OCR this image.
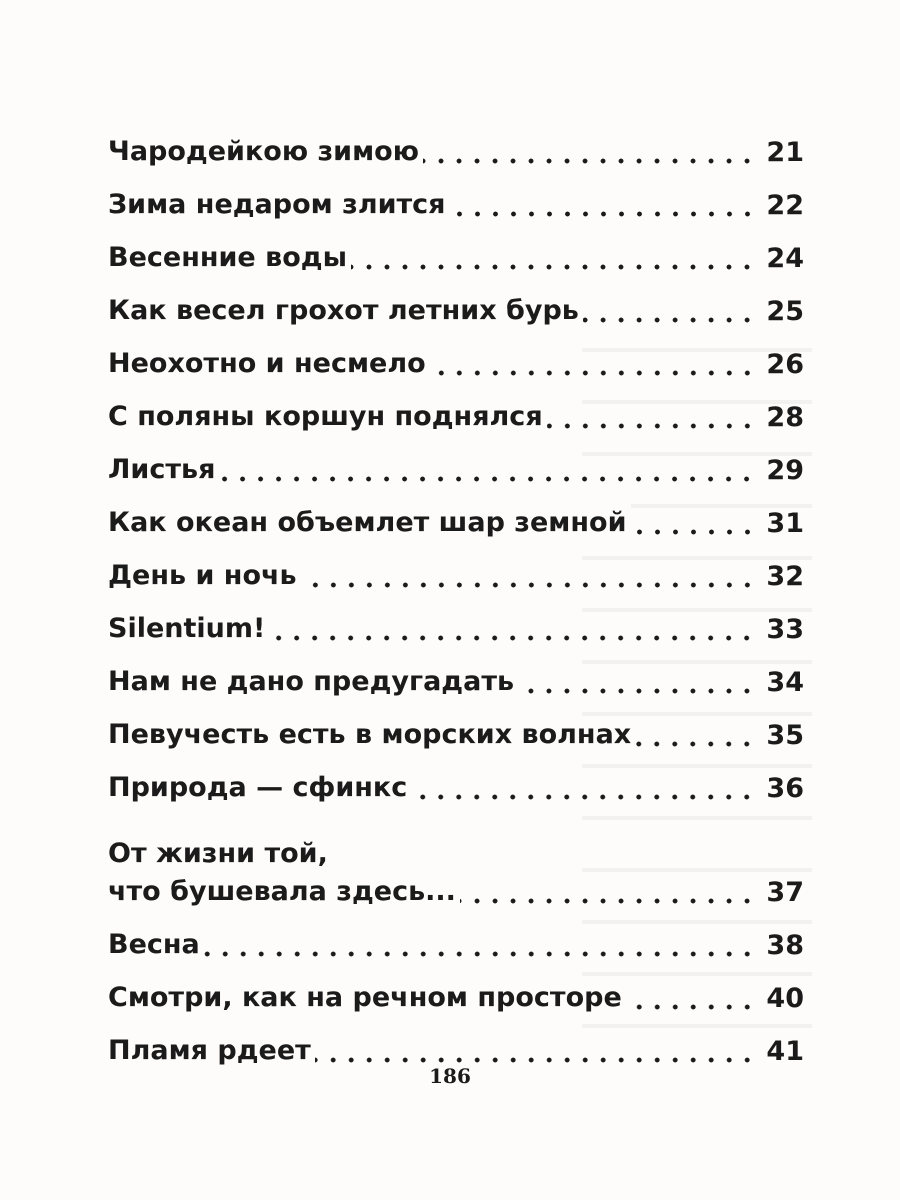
Чародейкою зимою	21
Зима недаром злится	22
Весенние воды	24
Как весел грохот летних бурь	25
Неохотно и несмело	26
С поляны коршун поднялся	28
Листья	29
Как океан объемлет шар земной	31
День и ночь	32
Silentium!	33
Нам не дано предугадать	34
Певучесть есть в морских волнах	35
Природа — сфинкс	36
От жизни той,
что бушевала здесь...	37
Весна	38
Смотри, как на речном просторе	40
Пламя рдеет	41
186
